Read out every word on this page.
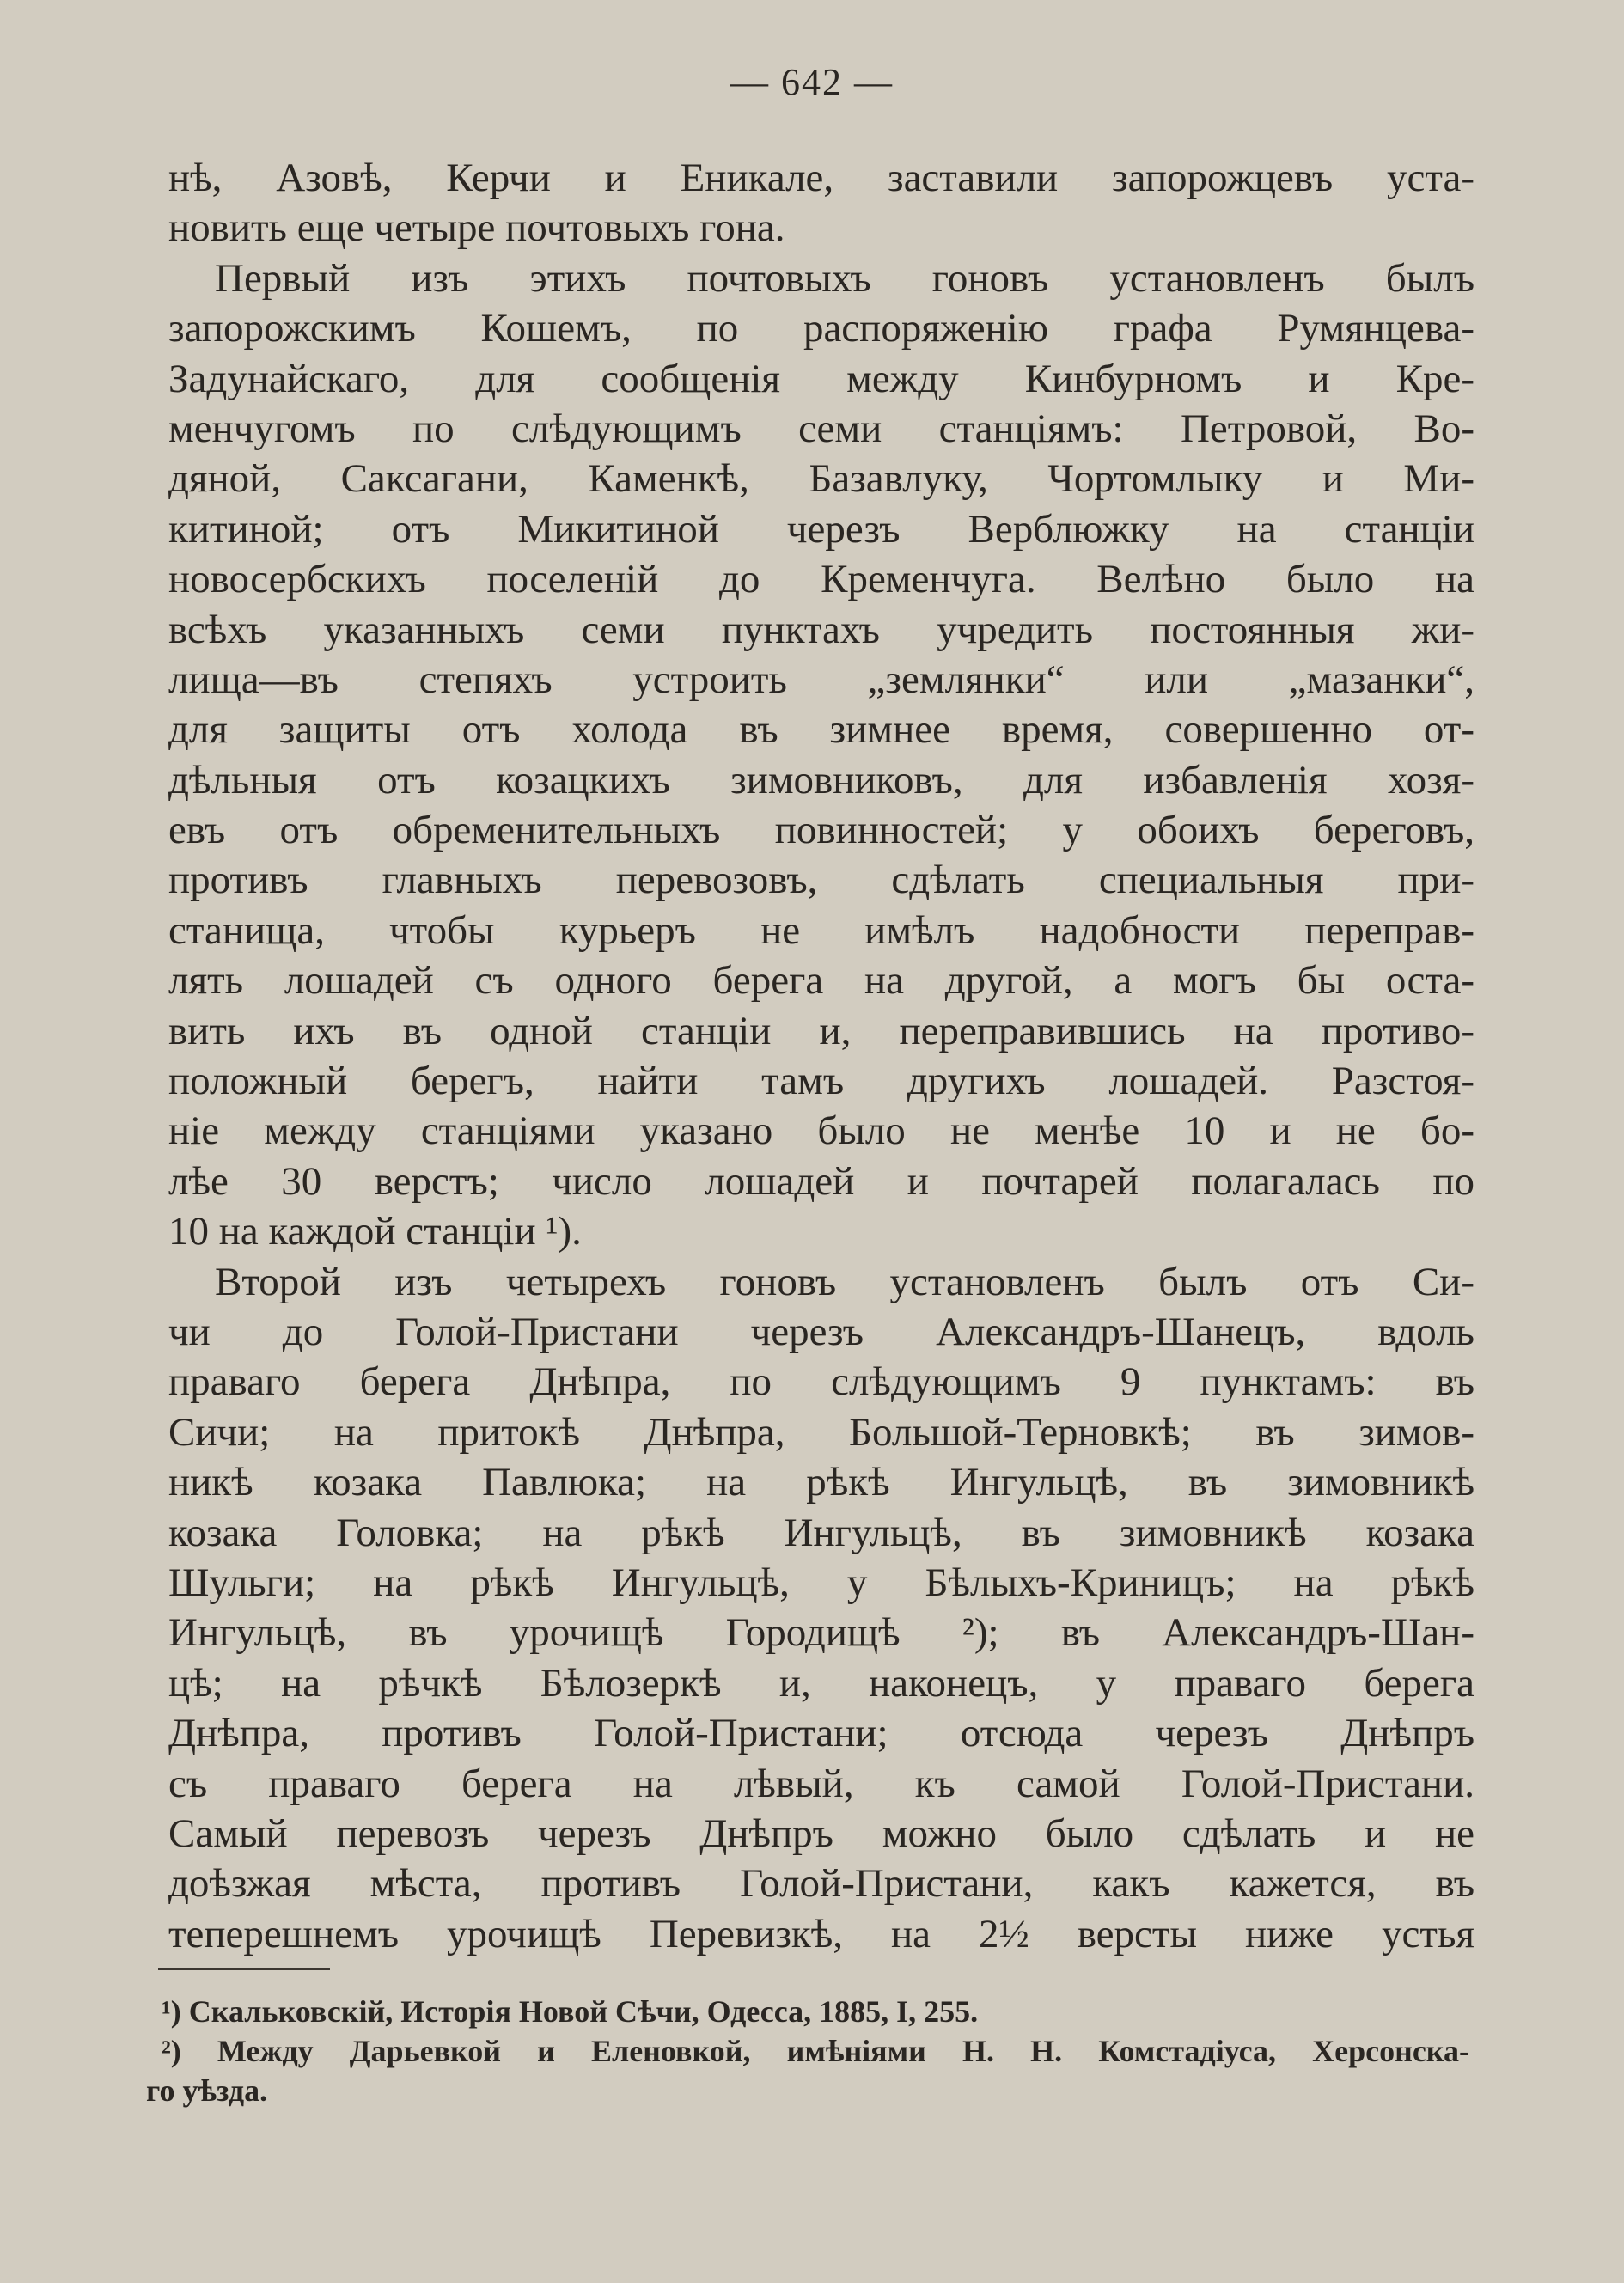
— 642 —
нѣ, Азовѣ, Керчи и Еникале, заставили запорожцевъ уста-
новить еще четыре почтовыхъ гона.
Первый изъ этихъ почтовыхъ гоновъ установленъ былъ
запорожскимъ Кошемъ, по распоряженію графа Румянцева-
Задунайскаго, для сообщенія между Кинбурномъ и Кре-
менчугомъ по слѣдующимъ семи станціямъ: Петровой, Во-
дяной, Саксагани, Каменкѣ, Базавлуку, Чортомлыку и Ми-
китиной; отъ Микитиной черезъ Верблюжку на станціи
новосербскихъ поселеній до Кременчуга. Велѣно было на
всѣхъ указанныхъ семи пунктахъ учредить постоянныя жи-
лища—въ степяхъ устроить „землянки“ или „мазанки“,
для защиты отъ холода въ зимнее время, совершенно от-
дѣльныя отъ козацкихъ зимовниковъ, для избавленія хозя-
евъ отъ обременительныхъ повинностей; у обоихъ береговъ,
противъ главныхъ перевозовъ, сдѣлать специальныя при-
станища, чтобы курьеръ не имѣлъ надобности переправ-
лять лошадей съ одного берега на другой, а могъ бы оста-
вить ихъ въ одной станціи и, переправившись на противо-
положный берегъ, найти тамъ другихъ лошадей. Разстоя-
ніе между станціями указано было не менѣе 10 и не бо-
лѣе 30 верстъ; число лошадей и почтарей полагалась по
10 на каждой станціи ¹).
Второй изъ четырехъ гоновъ установленъ былъ отъ Си-
чи до Голой-Пристани черезъ Александръ-Шанецъ, вдоль
праваго берега Днѣпра, по слѣдующимъ 9 пунктамъ: въ
Сичи; на притокѣ Днѣпра, Большой-Терновкѣ; въ зимов-
никѣ козака Павлюка; на рѣкѣ Ингульцѣ, въ зимовникѣ
козака Головка; на рѣкѣ Ингульцѣ, въ зимовникѣ козака
Шульги; на рѣкѣ Ингульцѣ, у Бѣлыхъ-Криницъ; на рѣкѣ
Ингульцѣ, въ урочищѣ Городищѣ ²); въ Александръ-Шан-
цѣ; на рѣчкѣ Бѣлозеркѣ и, наконецъ, у праваго берега
Днѣпра, противъ Голой-Пристани; отсюда черезъ Днѣпръ
съ праваго берега на лѣвый, къ самой Голой-Пристани.
Самый перевозъ черезъ Днѣпръ можно было сдѣлать и не
доѣзжая мѣста, противъ Голой-Пристани, какъ кажется, въ
теперешнемъ урочищѣ Перевизкѣ, на 2½ версты ниже устья
¹) Скальковскій, Исторія Новой Сѣчи, Одесса, 1885, I, 255.
²) Между Дарьевкой и Еленовкой, имѣніями Н. Н. Комстадіуса, Херсонска-
го уѣзда.
